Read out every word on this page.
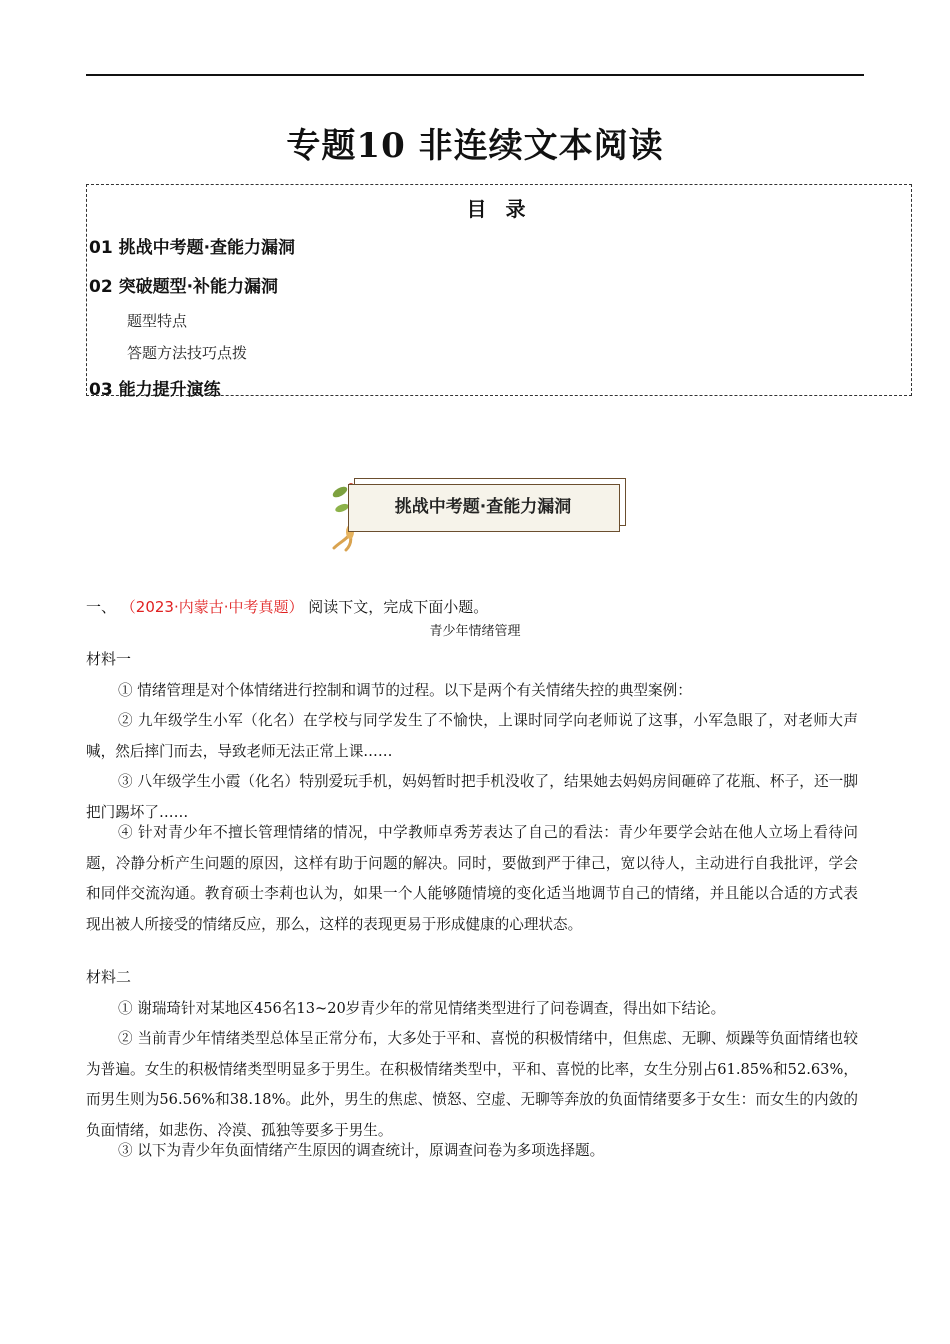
专题10 非连续文本阅读
目 录
01 挑战中考题·查能力漏洞
02 突破题型·补能力漏洞
题型特点
答题方法技巧点拨
03 能力提升演练
挑战中考题·查能力漏洞
一、 （2023·内蒙古·中考真题） 阅读下文，完成下面小题。
青少年情绪管理
材料一

① 情绪管理是对个体情绪进行控制和调节的过程。以下是两个有关情绪失控的典型案例：

② 九年级学生小军（化名）在学校与同学发生了不愉快，上课时同学向老师说了这事，小军急眼了，对老师大声喊，然后摔门而去，导致老师无法正常上课……

③ 八年级学生小霞（化名）特别爱玩手机，妈妈暂时把手机没收了，结果她去妈妈房间砸碎了花瓶、杯子，还一脚把门踢坏了……

④ 针对青少年不擅长管理情绪的情况，中学教师卓秀芳表达了自己的看法：青少年要学会站在他人立场上看待问题，冷静分析产生问题的原因，这样有助于问题的解决。同时，要做到严于律己，宽以待人，主动进行自我批评，学会和同伴交流沟通。教育硕士李莉也认为，如果一个人能够随情境的变化适当地调节自己的情绪，并且能以合适的方式表现出被人所接受的情绪反应，那么，这样的表现更易于形成健康的心理状态。

材料二

① 谢瑞琦针对某地区456名13~20岁青少年的常见情绪类型进行了问卷调查，得出如下结论。

② 当前青少年情绪类型总体呈正常分布，大多处于平和、喜悦的积极情绪中，但焦虑、无聊、烦躁等负面情绪也较为普遍。女生的积极情绪类型明显多于男生。在积极情绪类型中，平和、喜悦的比率，女生分别占61.85%和52.63%，而男生则为56.56%和38.18%。此外，男生的焦虑、愤怒、空虚、无聊等奔放的负面情绪要多于女生：而女生的内敛的负面情绪，如悲伤、冷漠、孤独等要多于男生。

③ 以下为青少年负面情绪产生原因的调查统计，原调查问卷为多项选择题。
